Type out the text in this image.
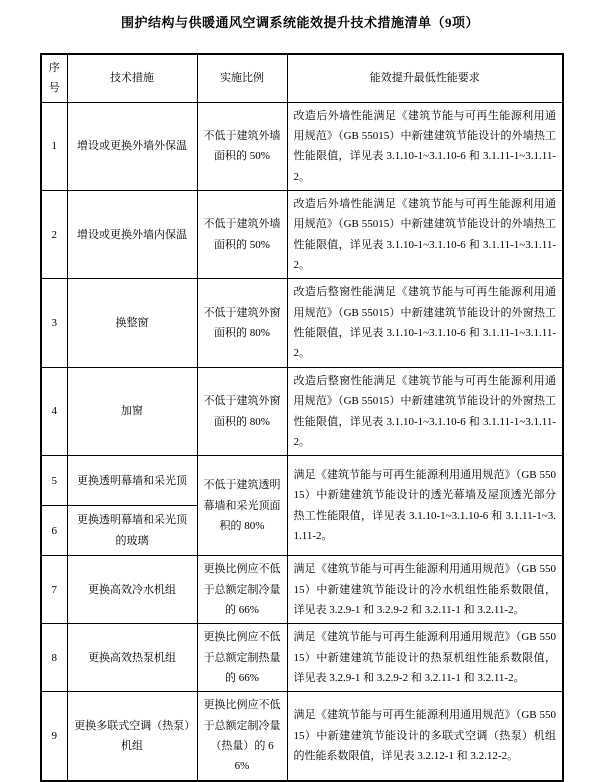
围护结构与供暖通风空调系统能效提升技术措施清单（9项）
序号	技术措施	实施比例	能效提升最低性能要求
1	增设或更换外墙外保温	不低于建筑外墙面积的 50%	改造后外墙性能满足《建筑节能与可再生能源利用通用规范》（GB 55015）中新建建筑节能设计的外墙热工性能限值，详见表 3.1.10-1~3.1.10-6 和 3.1.11-1~3.1.11-2。
2	增设或更换外墙内保温	不低于建筑外墙面积的 50%	改造后外墙性能满足《建筑节能与可再生能源利用通用规范》（GB 55015）中新建建筑节能设计的外墙热工性能限值，详见表 3.1.10-1~3.1.10-6 和 3.1.11-1~3.1.11-2。
3	换整窗	不低于建筑外窗面积的 80%	改造后整窗性能满足《建筑节能与可再生能源利用通用规范》（GB 55015）中新建建筑节能设计的外窗热工性能限值，详见表 3.1.10-1~3.1.10-6 和 3.1.11-1~3.1.11-2。
4	加窗	不低于建筑外窗面积的 80%	改造后整窗性能满足《建筑节能与可再生能源利用通用规范》（GB 55015）中新建建筑节能设计的外窗热工性能限值，详见表 3.1.10-1~3.1.10-6 和 3.1.11-1~3.1.11-2。
5	更换透明幕墙和采光顶	不低于建筑透明幕墙和采光顶面积的 80%	满足《建筑节能与可再生能源利用通用规范》（GB 55015）中新建建筑节能设计的透光幕墙及屋顶透光部分热工性能限值，详见表 3.1.10-1~3.1.10-6 和 3.1.11-1~3.1.11-2。
6	更换透明幕墙和采光顶的玻璃		
7	更换高效冷水机组	更换比例应不低于总额定制冷量的 66%	满足《建筑节能与可再生能源利用通用规范》（GB 55015）中新建建筑节能设计的冷水机组性能系数限值，详见表 3.2.9-1 和 3.2.9-2 和 3.2.11-1 和 3.2.11-2。
8	更换高效热泵机组	更换比例应不低于总额定制热量的 66%	满足《建筑节能与可再生能源利用通用规范》（GB 55015）中新建建筑节能设计的热泵机组性能系数限值，详见表 3.2.9-1 和 3.2.9-2 和 3.2.11-1 和 3.2.11-2。
9	更换多联式空调（热泵）机组	更换比例应不低于总额定制冷量（热量）的 66%	满足《建筑节能与可再生能源利用通用规范》（GB 55015）中新建建筑节能设计的多联式空调（热泵）机组的性能系数限值，详见表 3.2.12-1 和 3.2.12-2。
